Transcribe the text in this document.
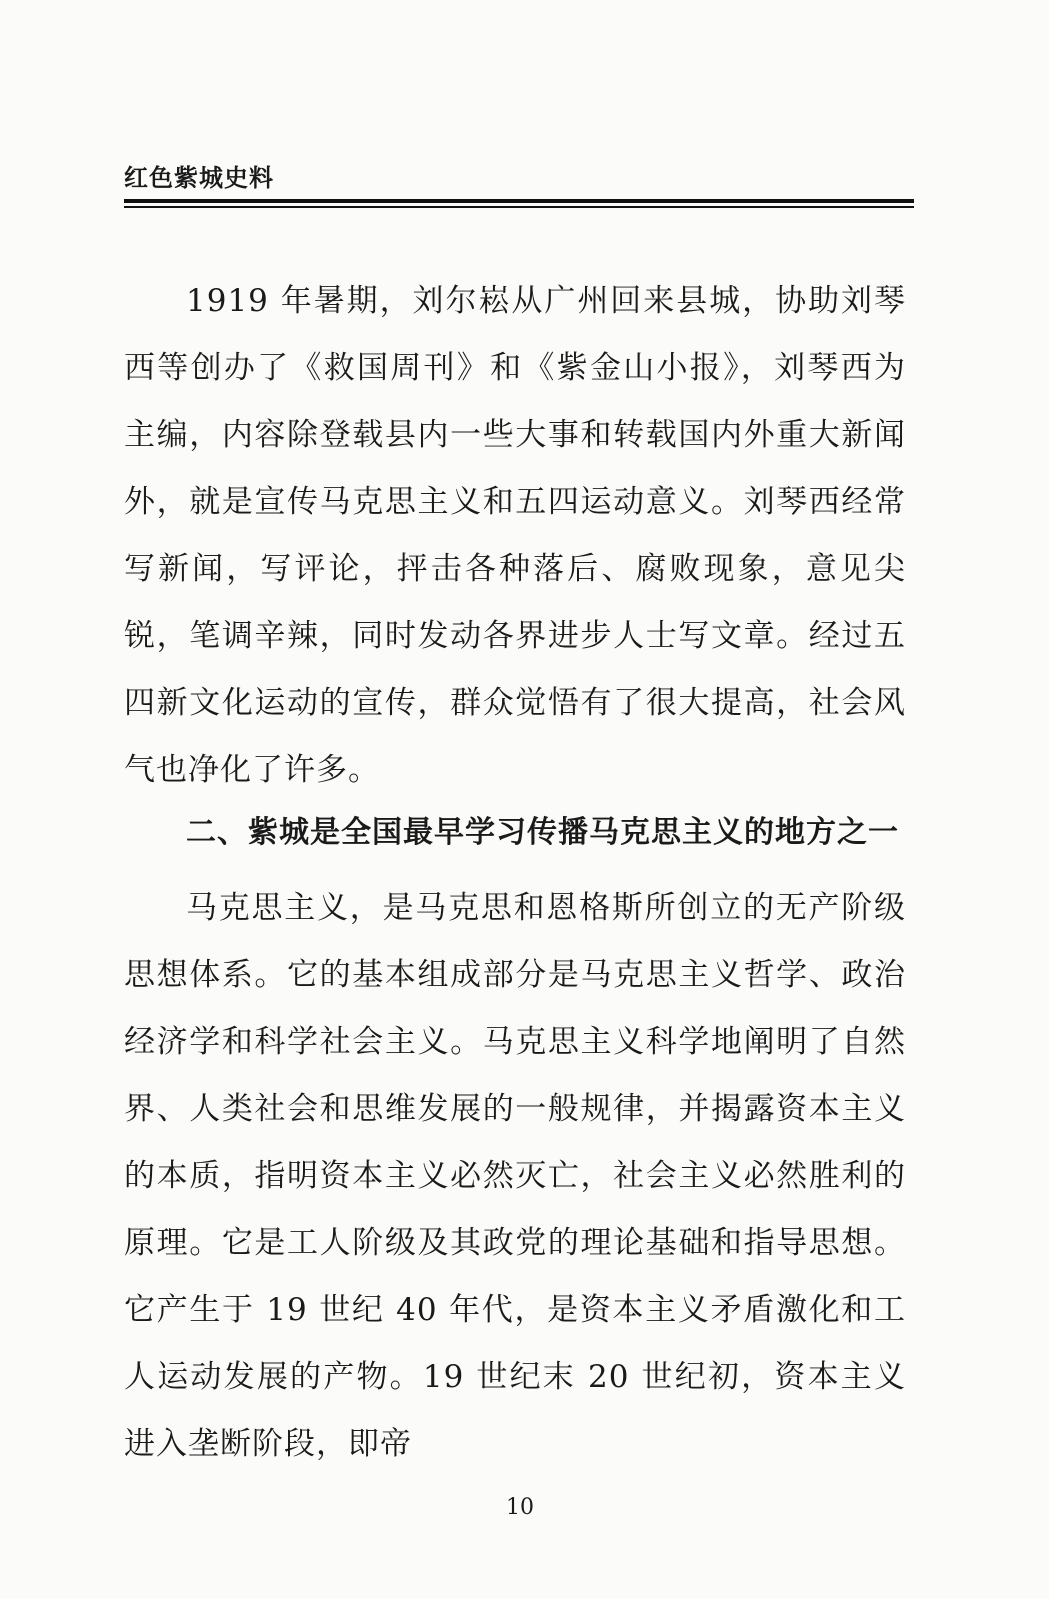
红色紫城史料

1919 年暑期，刘尔崧从广州回来县城，协助刘琴西等创办了《救国周刊》和《紫金山小报》，刘琴西为主编，内容除登载县内一些大事和转载国内外重大新闻外，就是宣传马克思主义和五四运动意义。刘琴西经常写新闻，写评论，抨击各种落后、腐败现象，意见尖锐，笔调辛辣，同时发动各界进步人士写文章。经过五四新文化运动的宣传，群众觉悟有了很大提高，社会风气也净化了许多。

二、紫城是全国最早学习传播马克思主义的地方之一

马克思主义，是马克思和恩格斯所创立的无产阶级思想体系。它的基本组成部分是马克思主义哲学、政治经济学和科学社会主义。马克思主义科学地阐明了自然界、人类社会和思维发展的一般规律，并揭露资本主义的本质，指明资本主义必然灭亡，社会主义必然胜利的原理。它是工人阶级及其政党的理论基础和指导思想。它产生于 19 世纪 40 年代，是资本主义矛盾激化和工人运动发展的产物。19 世纪末 20 世纪初，资本主义进入垄断阶段，即帝

10
